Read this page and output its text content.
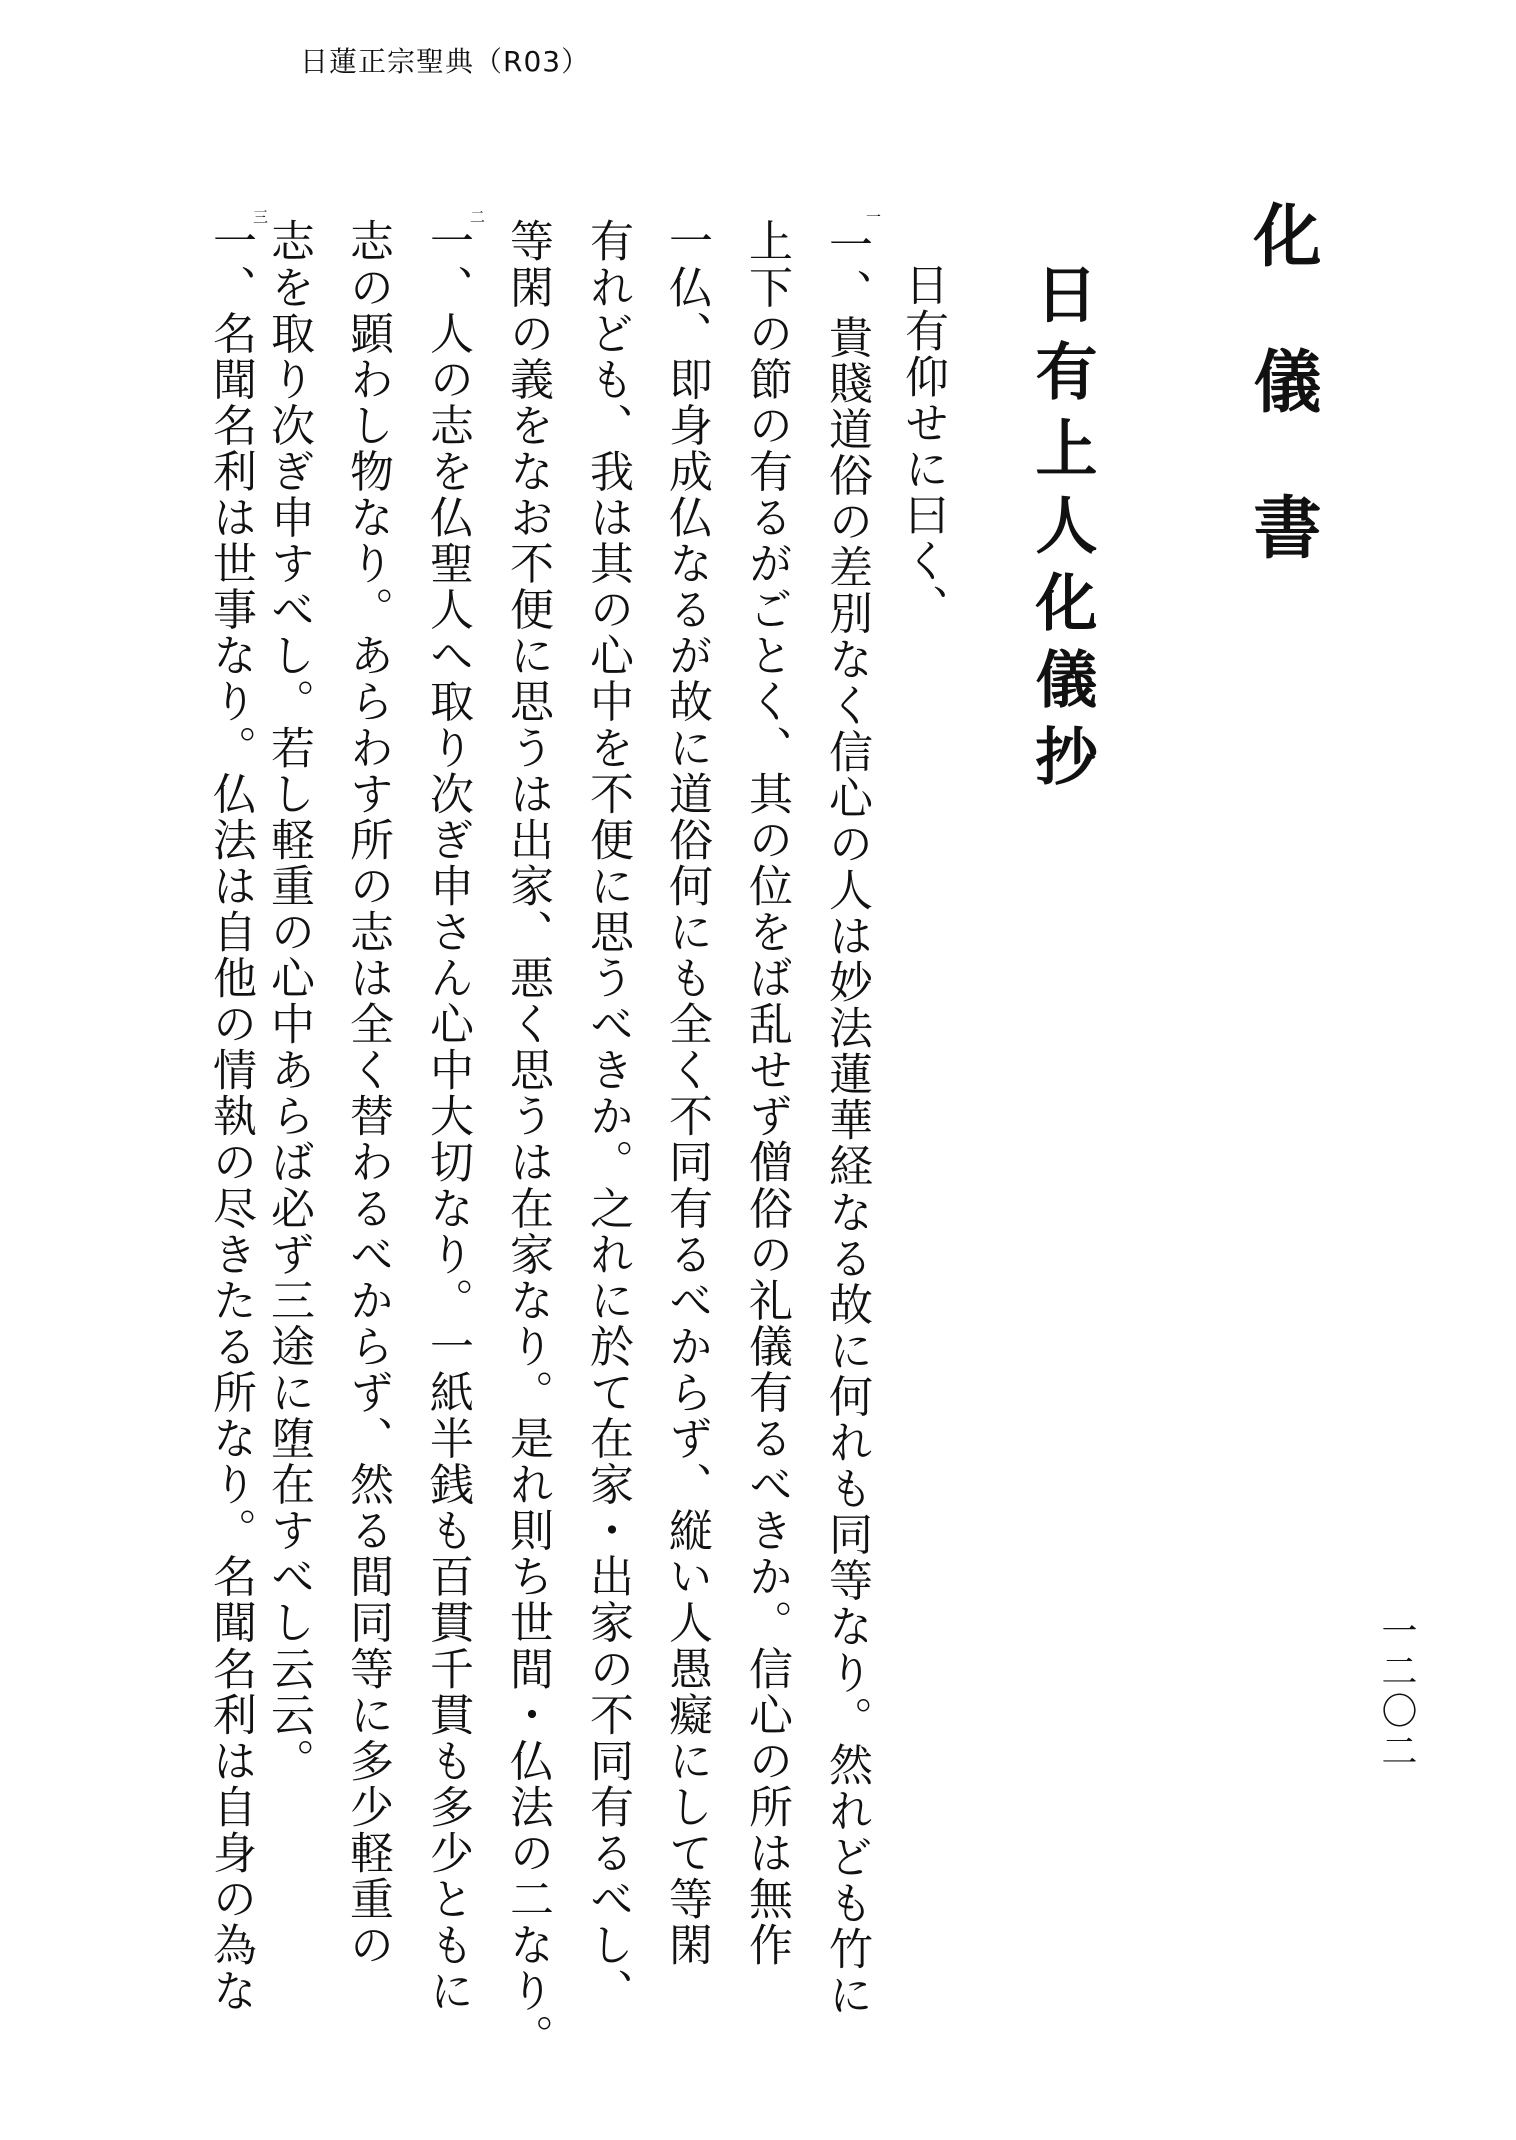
日蓮正宗聖典（R03）
化儀書
日有上人化儀抄
日有仰せに曰く、
一
二
三
一、貴賤道俗の差別なく信心の人は妙法蓮華経なる故に何れも同等なり。然れども竹に
上下の節の有るがごとく、其の位をば乱せず僧俗の礼儀有るべきか。信心の所は無作
一仏、即身成仏なるが故に道俗何にも全く不同有るべからず、縦い人愚癡にして等閑
有れども、我は其の心中を不便に思うべきか。之れに於て在家・出家の不同有るべし、
等閑の義をなお不便に思うは出家、悪く思うは在家なり。是れ則ち世間・仏法の二なり。
一、人の志を仏聖人へ取り次ぎ申さん心中大切なり。一紙半銭も百貫千貫も多少ともに
志の顕わし物なり。あらわす所の志は全く替わるべからず、然る間同等に多少軽重の
志を取り次ぎ申すべし。若し軽重の心中あらば必ず三途に堕在すべし云云。
一、名聞名利は世事なり。仏法は自他の情執の尽きたる所なり。名聞名利は自身の為な	一二〇二
